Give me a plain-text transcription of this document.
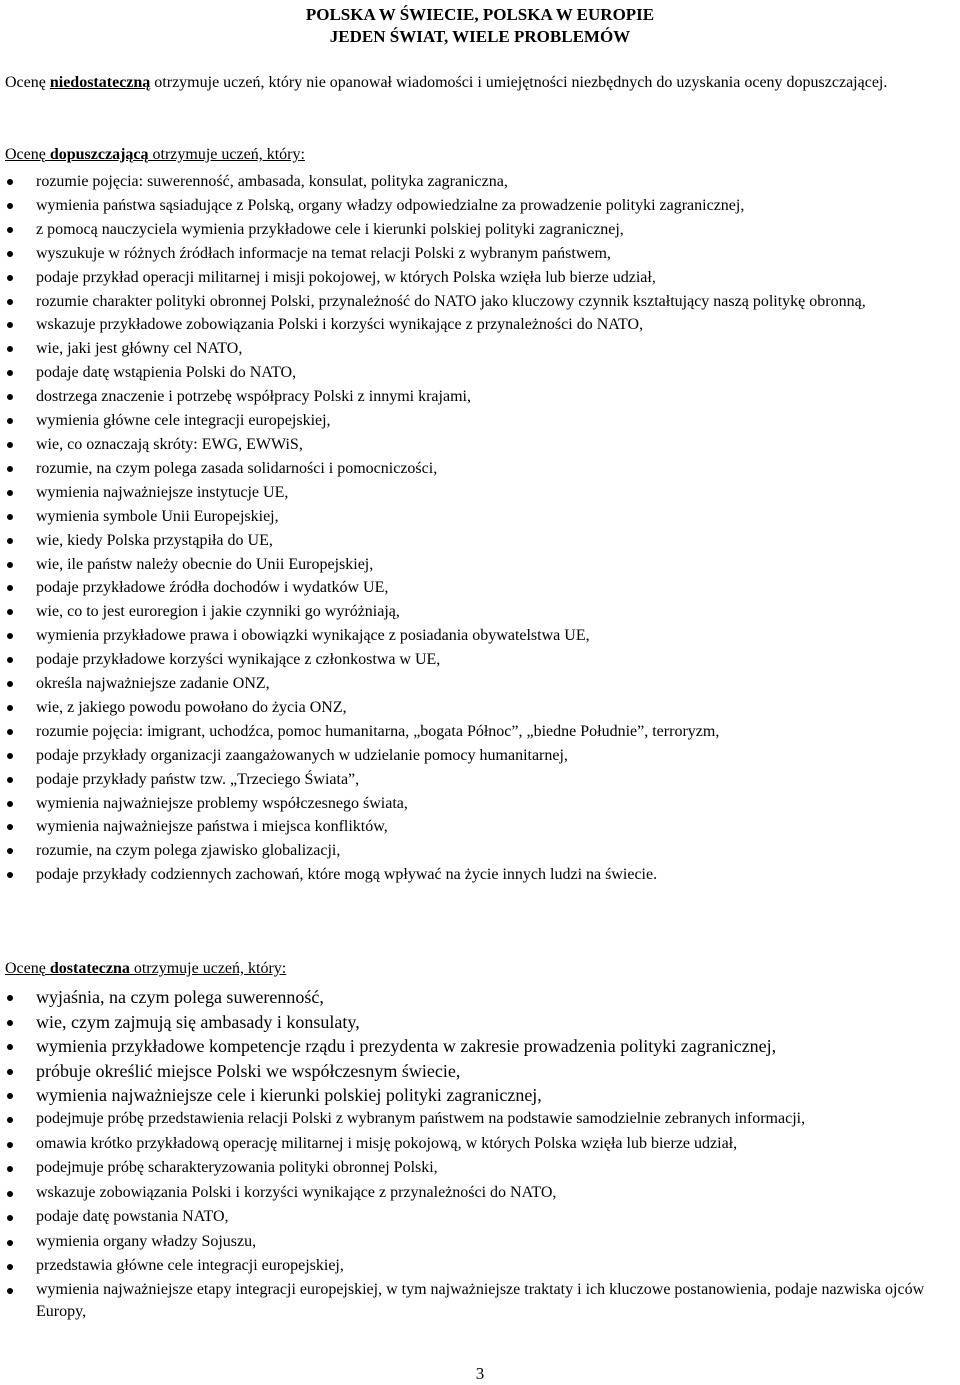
POLSKA W ŚWIECIE, POLSKA W EUROPIE
JEDEN ŚWIAT, WIELE PROBLEMÓW
Ocenę niedostateczną otrzymuje uczeń, który nie opanował wiadomości i umiejętności niezbędnych do uzyskania oceny dopuszczającej.
Ocenę dopuszczającą otrzymuje uczeń, który:
rozumie pojęcia: suwerenność, ambasada, konsulat, polityka zagraniczna,
wymienia państwa sąsiadujące z Polską, organy władzy odpowiedzialne za prowadzenie polityki zagranicznej,
z pomocą nauczyciela wymienia przykładowe cele i kierunki polskiej polityki zagranicznej,
wyszukuje w różnych źródłach informacje na temat relacji Polski z wybranym państwem,
podaje przykład operacji militarnej i misji pokojowej, w których Polska wzięła lub bierze udział,
rozumie charakter polityki obronnej Polski, przynależność do NATO jako kluczowy czynnik kształtujący naszą politykę obronną,
wskazuje przykładowe zobowiązania Polski i korzyści wynikające z przynależności do NATO,
wie, jaki jest główny cel NATO,
podaje datę wstąpienia Polski do NATO,
dostrzega znaczenie i potrzebę współpracy Polski z innymi krajami,
wymienia główne cele integracji europejskiej,
wie, co oznaczają skróty: EWG, EWWiS,
rozumie, na czym polega zasada solidarności i pomocniczości,
wymienia najważniejsze instytucje UE,
wymienia symbole Unii Europejskiej,
wie, kiedy Polska przystąpiła do UE,
wie, ile państw należy obecnie do Unii Europejskiej,
podaje przykładowe źródła dochodów i wydatków UE,
wie, co to jest euroregion i jakie czynniki go wyróżniają,
wymienia przykładowe prawa i obowiązki wynikające z posiadania obywatelstwa UE,
podaje przykładowe korzyści wynikające z członkostwa w UE,
określa najważniejsze zadanie ONZ,
wie, z jakiego powodu powołano do życia ONZ,
rozumie pojęcia: imigrant, uchodźca, pomoc humanitarna, „bogata Północ”, „biedne Południe”, terroryzm,
podaje przykłady organizacji zaangażowanych w udzielanie pomocy humanitarnej,
podaje przykłady państw tzw. „Trzeciego Świata”,
wymienia najważniejsze problemy współczesnego świata,
wymienia najważniejsze państwa i miejsca konfliktów,
rozumie, na czym polega zjawisko globalizacji,
podaje przykłady codziennych zachowań, które mogą wpływać na życie innych ludzi na świecie.
Ocenę dostateczna otrzymuje uczeń, który:
wyjaśnia, na czym polega suwerenność,
wie, czym zajmują się ambasady i konsulaty,
wymienia przykładowe kompetencje rządu i prezydenta w zakresie prowadzenia polityki zagranicznej,
próbuje określić miejsce Polski we współczesnym świecie,
wymienia najważniejsze cele i kierunki polskiej polityki zagranicznej,
podejmuje próbę przedstawienia relacji Polski z wybranym państwem na podstawie samodzielnie zebranych informacji,
omawia krótko przykładową operację militarnej i misję pokojową, w których Polska wzięła lub bierze udział,
podejmuje próbę scharakteryzowania polityki obronnej Polski,
wskazuje zobowiązania Polski i korzyści wynikające z przynależności do NATO,
podaje datę powstania NATO,
wymienia organy władzy Sojuszu,
przedstawia główne cele integracji europejskiej,
wymienia najważniejsze etapy integracji europejskiej, w tym najważniejsze traktaty i ich kluczowe postanowienia, podaje nazwiska ojców Europy,
3
